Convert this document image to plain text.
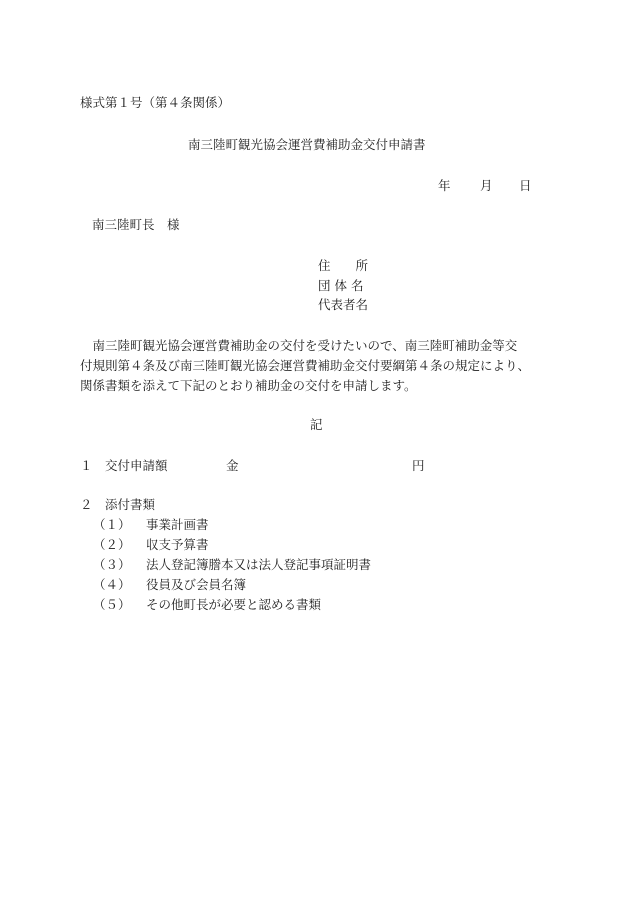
様式第１号（第４条関係）
南三陸町観光協会運営費補助金交付申請書
年 月 日
南三陸町長　様
住　　所
団 体 名
代表者名
　南三陸町観光協会運営費補助金の交付を受けたいので、南三陸町補助金等交
付規則第４条及び南三陸町観光協会運営費補助金交付要綱第４条の規定により、
関係書類を添えて下記のとおり補助金の交付を申請します。
記
１ 交付申請額	金	円
２ 添付書類
（１） 事業計画書
（２） 収支予算書
（３） 法人登記簿謄本又は法人登記事項証明書
（４） 役員及び会員名簿
（５） その他町長が必要と認める書類
